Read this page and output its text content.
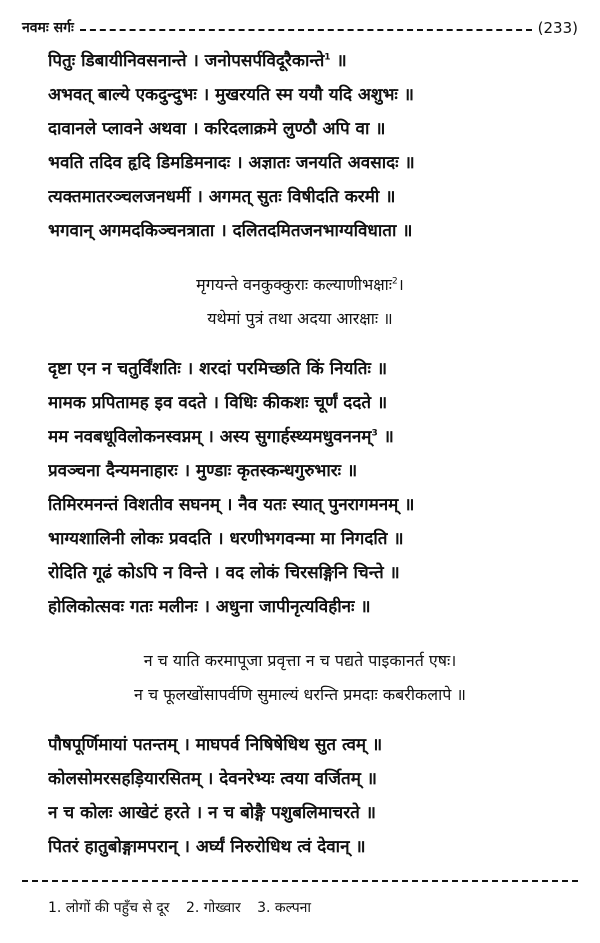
नवमः सर्गः	(233)
पितुः डिबायीनिवसनान्ते । जनोपसर्पविदूरैकान्ते$^1$ ॥
अभवत् बाल्ये एकदुन्दुभः । मुखरयति स्म ययौ यदि अशुभः ॥
दावानले प्लावने अथवा । करिदलाक्रमे लुण्ठौ अपि वा ॥
भवति तदिव हृदि डिमडिमनादः । अज्ञातः जनयति अवसादः ॥
त्यक्तमातरञ्चलजनधर्मी । अगमत् सुतः विषीदति करमी ॥
भगवान् अगमदकिञ्चनत्राता । दलितदमितजनभाग्यविधाता ॥
मृगयन्ते वनकुक्कुराः कल्याणीभक्षाः$^2$।
यथेमां पुत्रं तथा अदया आरक्षाः ॥
दृष्टा एन न चतुर्विंशतिः । शरदां परमिच्छति किं नियतिः ॥
मामक प्रपितामह इव वदते । विधिः कीकशः चूर्णं ददते ॥
मम नवबधूविलोकनस्वप्नम् । अस्य सुगार्हस्थ्यमधुवननम्$^3$ ॥
प्रवञ्चना दैन्यमनाहारः । मुण्डाः कृतस्कन्धगुरुभारः ॥
तिमिरमनन्तं विशतीव सघनम् । नैव यतः स्यात् पुनरागमनम् ॥
भाग्यशालिनी लोकः प्रवदति । धरणीभगवन्मा मा निगदति ॥
रोदिति गूढं कोऽपि न विन्ते । वद लोकं चिरसङ्गिनि चिन्ते ॥
होलिकोत्सवः गतः मलीनः । अधुना जापीनृत्यविहीनः ॥
न च याति करमापूजा प्रवृत्ता न च पद्यते पाइकानर्त एषः।
न च फूलखोंसापर्वणि सुमाल्यं धरन्ति प्रमदाः कबरीकलापे ॥
पौषपूर्णिमायां पतन्तम् । माघपर्व निषिषेधिथ सुत त्वम् ॥
कोलसोमरसहड़ियारसितम् । देवनरेभ्यः त्वया वर्जितम् ॥
न च कोलः आखेटं हरते । न च बोङ्गै पशुबलिमाचरते ॥
पितरं हातुबोङ्गामपरान् । अर्घ्यं निरुरोधिथ त्वं देवान् ॥
1. लोगों की पहुँच से दूर 2. गोख्वार 3. कल्पना
